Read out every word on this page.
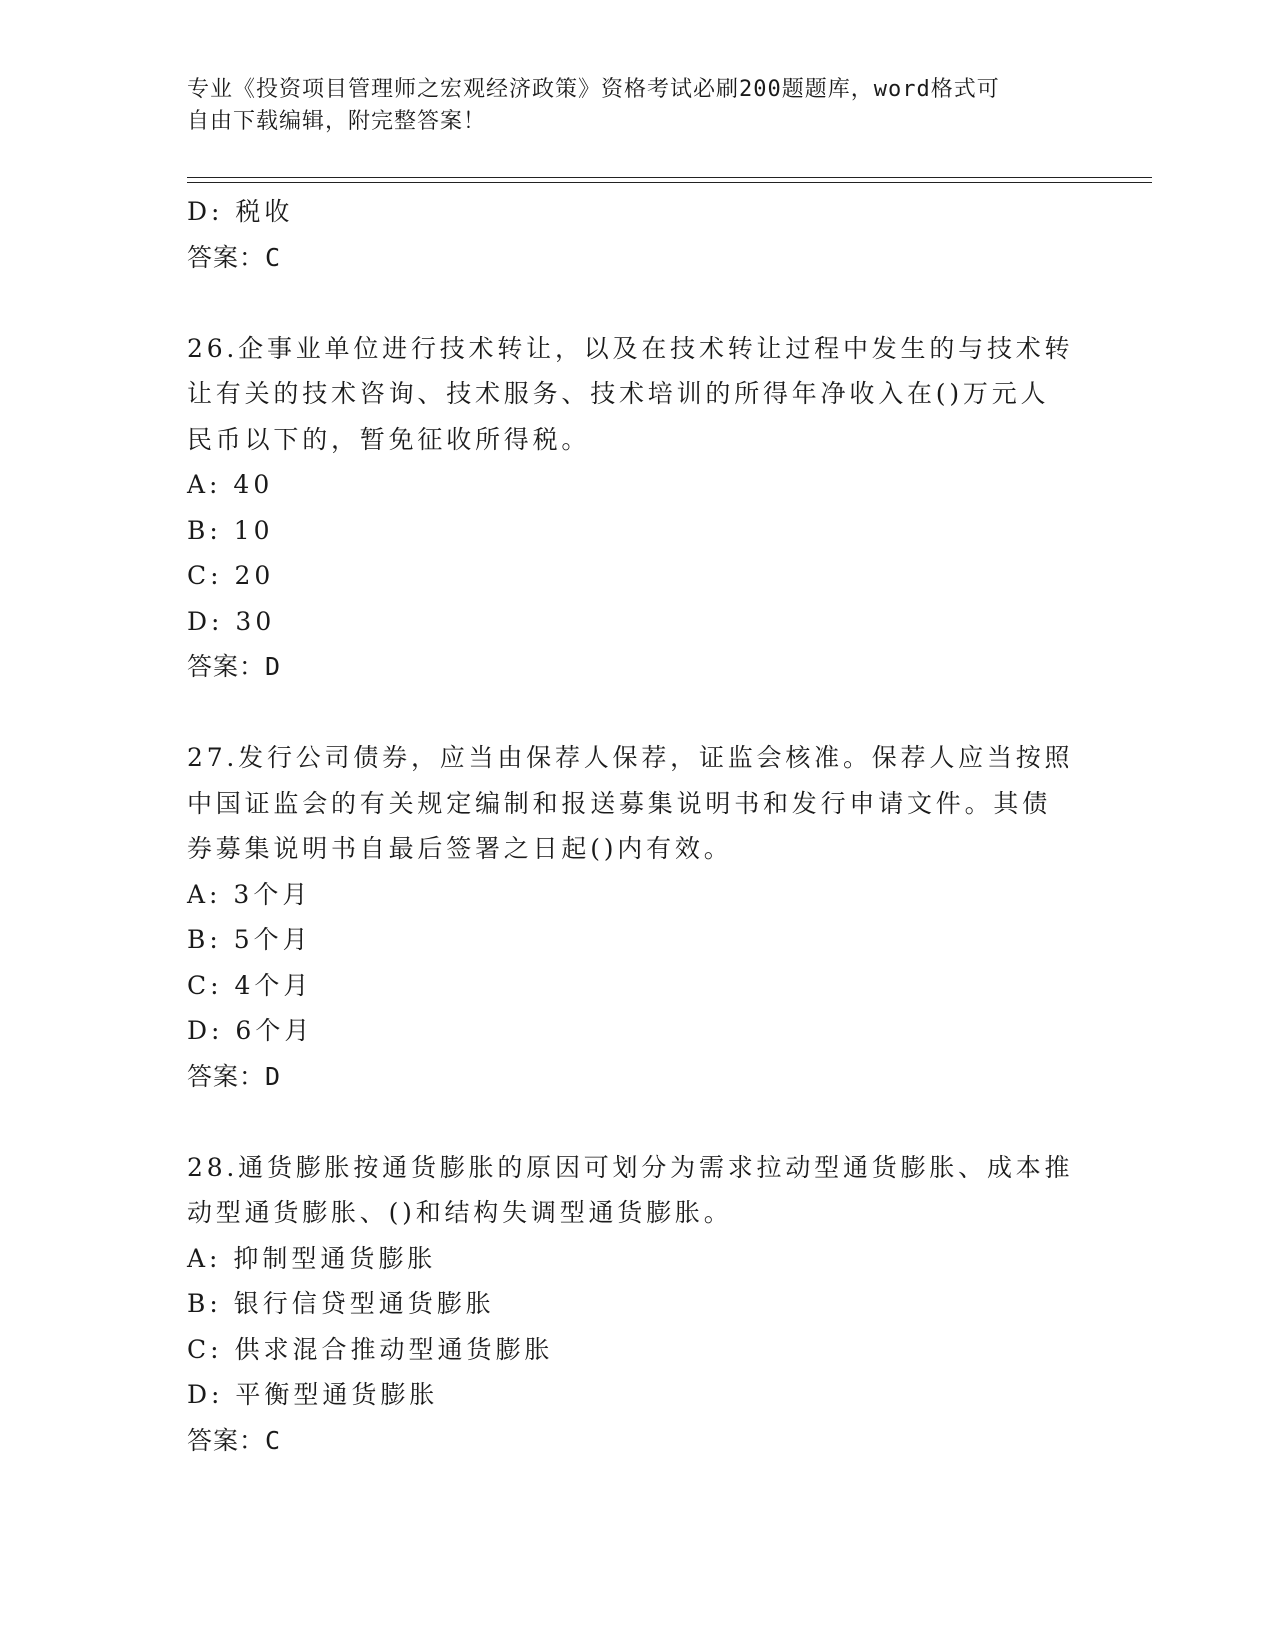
专业《投资项目管理师之宏观经济政策》资格考试必刷200题题库，word格式可
自由下载编辑，附完整答案！
D: 税收
答案：C
26.企事业单位进行技术转让，以及在技术转让过程中发生的与技术转
让有关的技术咨询、技术服务、技术培训的所得年净收入在()万元人
民币以下的，暂免征收所得税。
A: 40
B: 10
C: 20
D: 30
答案：D
27.发行公司债券，应当由保荐人保荐，证监会核准。保荐人应当按照
中国证监会的有关规定编制和报送募集说明书和发行申请文件。其债
券募集说明书自最后签署之日起()内有效。
A: 3个月
B: 5个月
C: 4个月
D: 6个月
答案：D
28.通货膨胀按通货膨胀的原因可划分为需求拉动型通货膨胀、成本推
动型通货膨胀、()和结构失调型通货膨胀。
A: 抑制型通货膨胀
B: 银行信贷型通货膨胀
C: 供求混合推动型通货膨胀
D: 平衡型通货膨胀
答案：C
